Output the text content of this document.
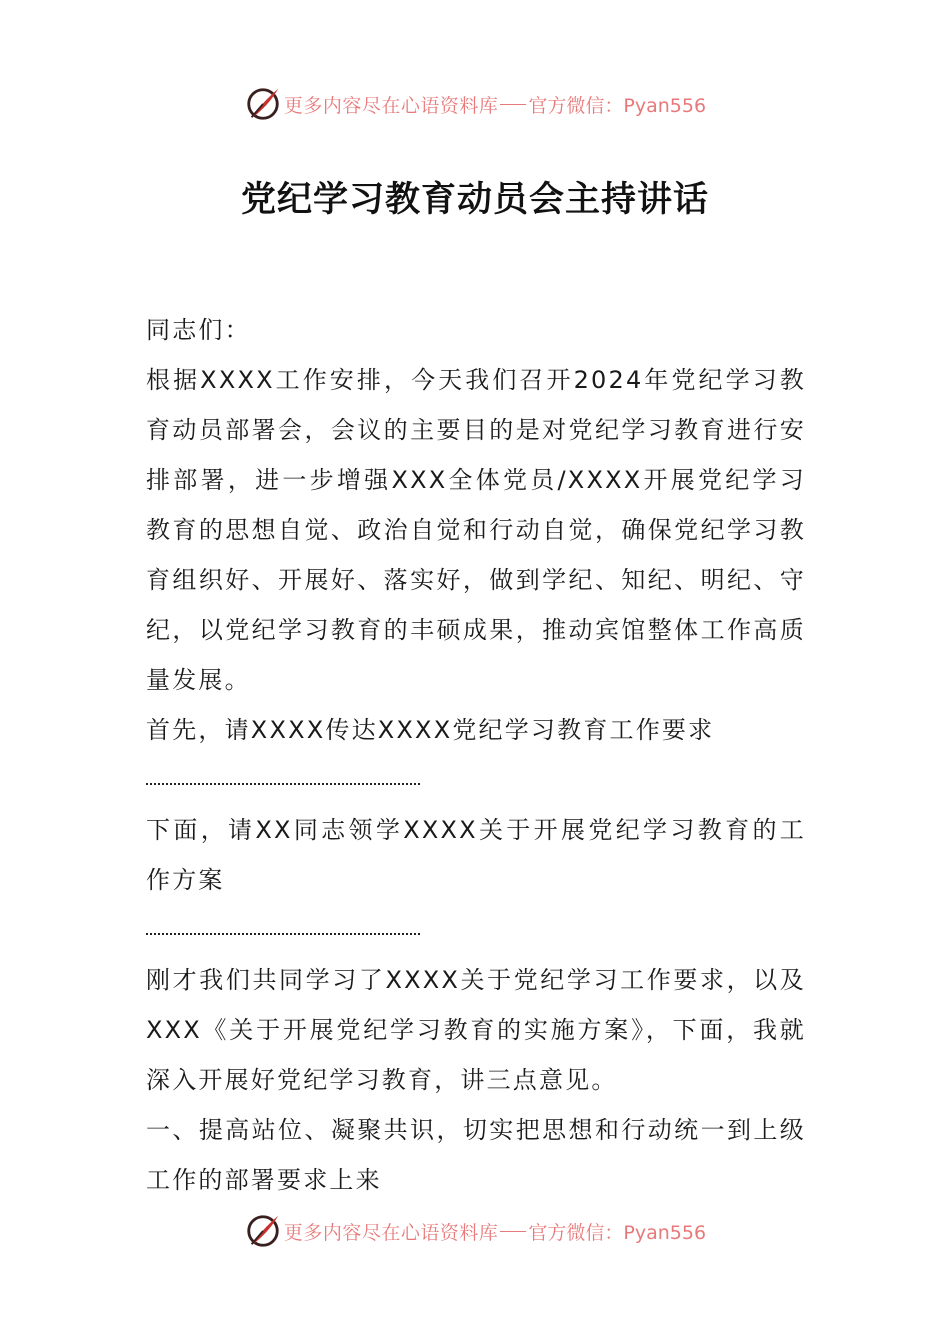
更多内容尽在心语资料库 官方微信：Pyan556
党纪学习教育动员会主持讲话

同志们：

根据XXXX工作安排，今天我们召开2024年党纪学习教育动员部署会，会议的主要目的是对党纪学习教育进行安排部署，进一步增强XXX全体党员/XXXX开展党纪学习教育的思想自觉、政治自觉和行动自觉，确保党纪学习教育组织好、开展好、落实好，做到学纪、知纪、明纪、守纪，以党纪学习教育的丰硕成果，推动宾馆整体工作高质量发展。

首先，请XXXX传达XXXX党纪学习教育工作要求

下面，请XX同志领学XXXX关于开展党纪学习教育的工作方案

刚才我们共同学习了XXXX关于党纪学习工作要求，以及XXX《关于开展党纪学习教育的实施方案》，下面，我就深入开展好党纪学习教育，讲三点意见。

一、提高站位、凝聚共识，切实把思想和行动统一到上级工作的部署要求上来

更多内容尽在心语资料库 官方微信：Pyan556
